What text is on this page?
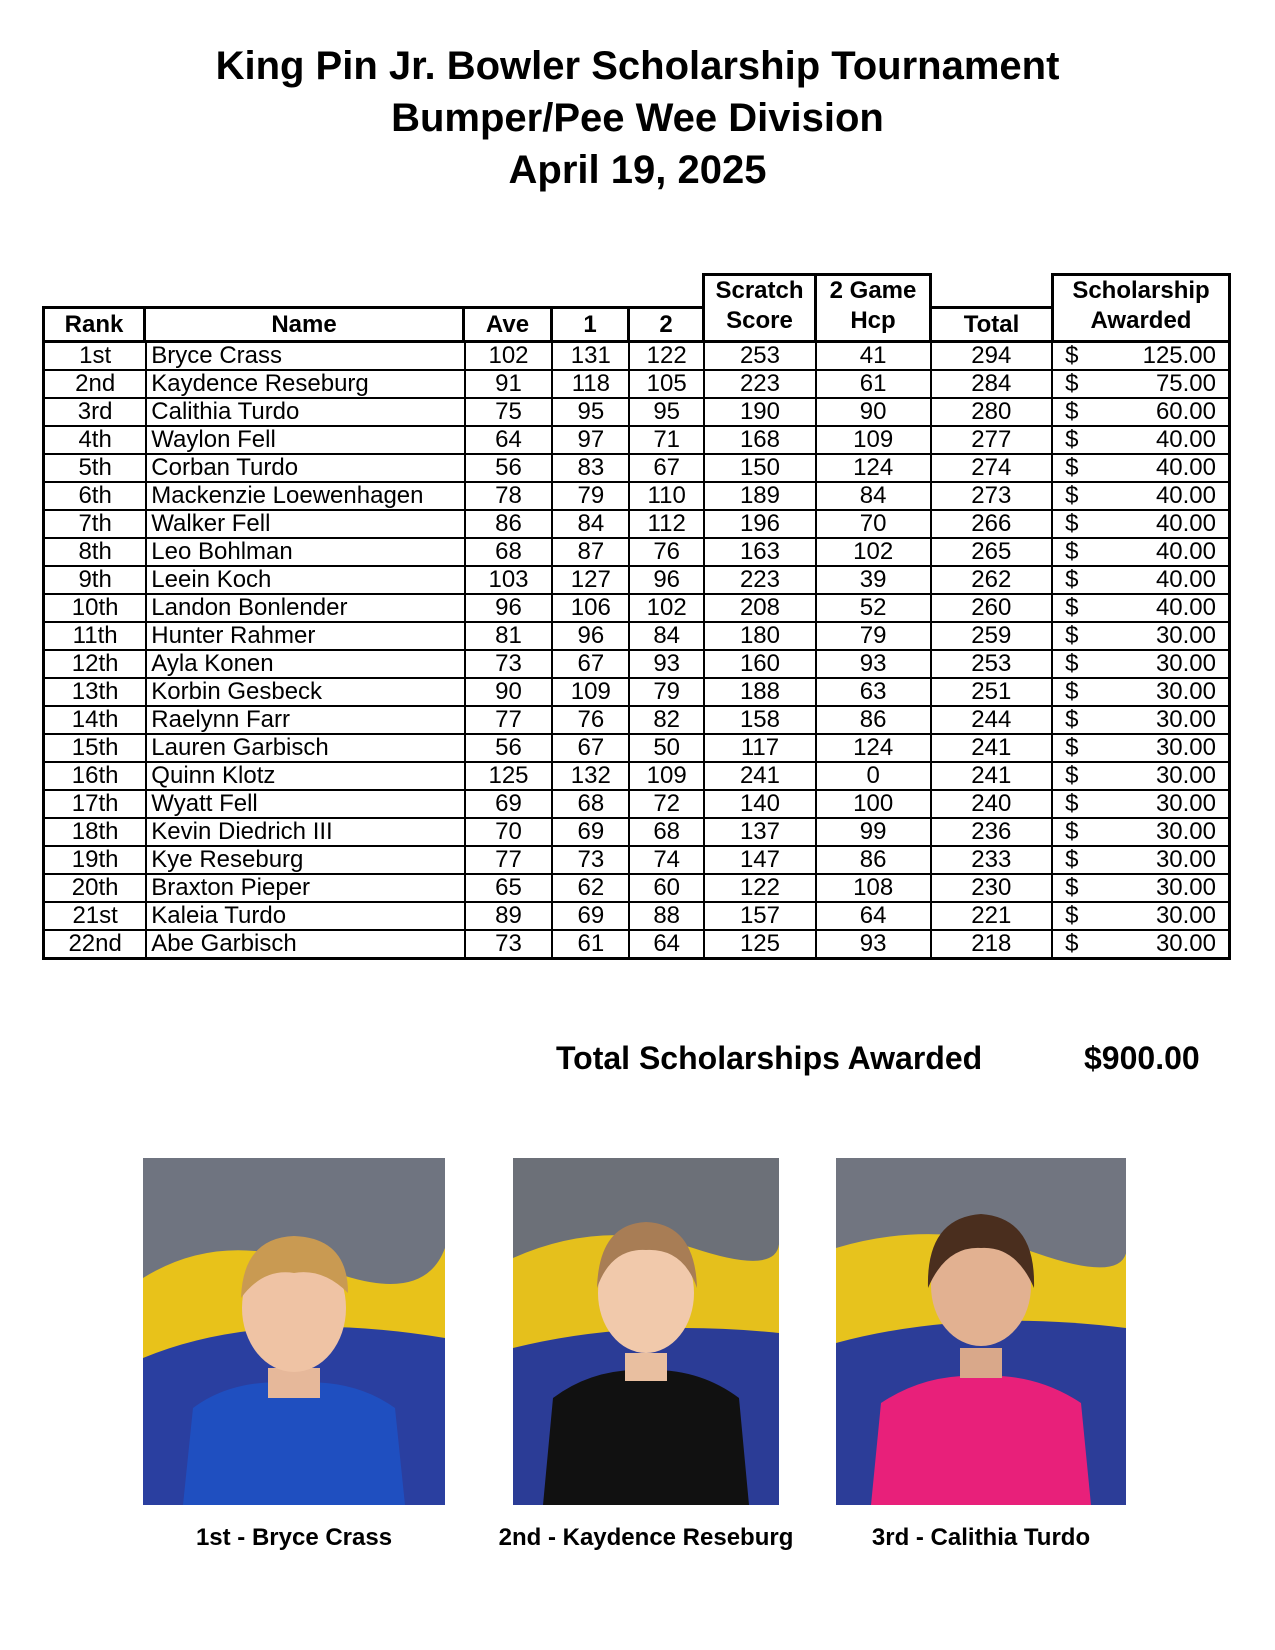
King Pin Jr. Bowler Scholarship Tournament
Bumper/Pee Wee Division
April 19, 2025
Rank	Name	Ave	1	2
Scratch
Score
2 Game
Hcp	Total
Scholarship
Awarded
1st	Bryce Crass	102	131	122	253	41	294	$ 125.00

2nd	Kaydence Reseburg	91	118	105	223	61	284	$ 75.00

3rd	Calithia Turdo	75	95	95	190	90	280	$ 60.00

4th	Waylon Fell	64	97	71	168	109	277	$ 40.00

5th	Corban Turdo	56	83	67	150	124	274	$ 40.00

6th	Mackenzie Loewenhagen	78	79	110	189	84	273	$ 40.00

7th	Walker Fell	86	84	112	196	70	266	$ 40.00

8th	Leo Bohlman	68	87	76	163	102	265	$ 40.00

9th	Leein Koch	103	127	96	223	39	262	$ 40.00

10th	Landon Bonlender	96	106	102	208	52	260	$ 40.00

11th	Hunter Rahmer	81	96	84	180	79	259	$ 30.00

12th	Ayla Konen	73	67	93	160	93	253	$ 30.00

13th	Korbin Gesbeck	90	109	79	188	63	251	$ 30.00

14th	Raelynn Farr	77	76	82	158	86	244	$ 30.00

15th	Lauren Garbisch	56	67	50	117	124	241	$ 30.00

16th	Quinn Klotz	125	132	109	241	0	241	$ 30.00

17th	Wyatt Fell	69	68	72	140	100	240	$ 30.00

18th	Kevin Diedrich III	70	69	68	137	99	236	$ 30.00

19th	Kye Reseburg	77	73	74	147	86	233	$ 30.00

20th	Braxton Pieper	65	62	60	122	108	230	$ 30.00

21st	Kaleia Turdo	89	69	88	157	64	221	$ 30.00

22nd	Abe Garbisch	73	61	64	125	93	218	$ 30.00
Total Scholarships Awarded	$900.00
1st - Bryce Crass	2nd - Kaydence Reseburg	3rd - Calithia Turdo
